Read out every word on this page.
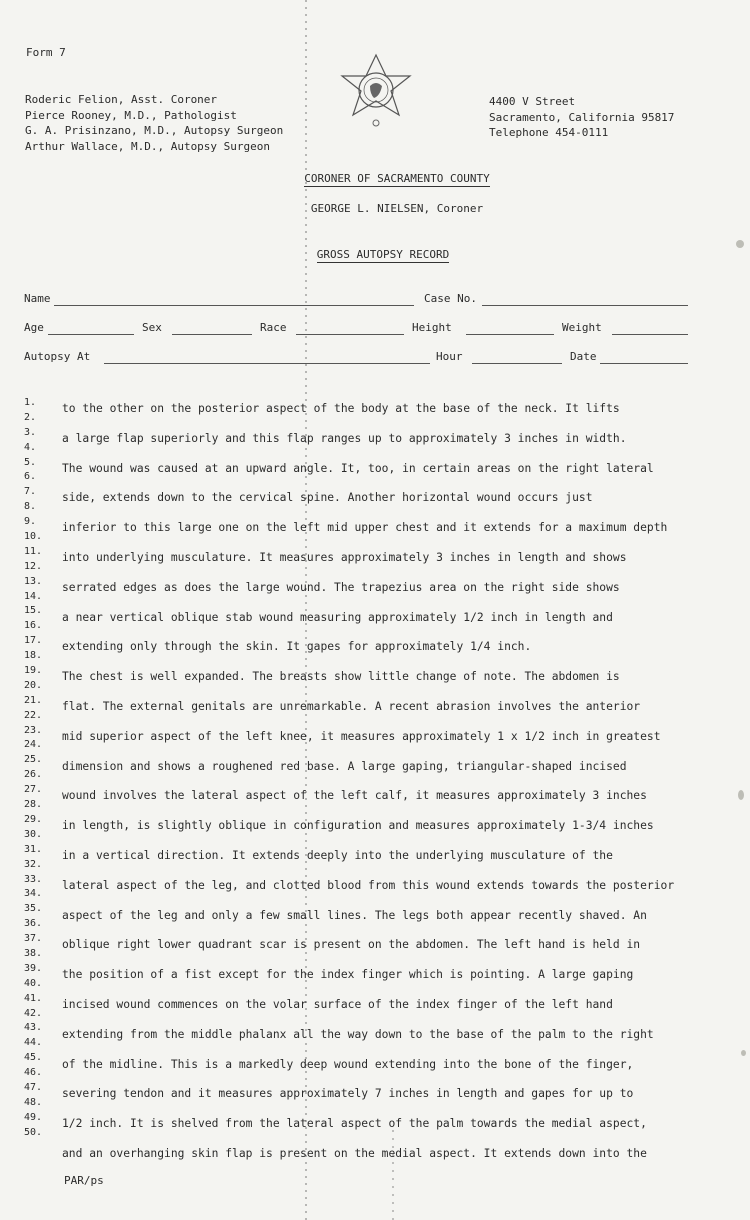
Form 7
Roderic Felion, Asst. Coroner
Pierce Rooney, M.D., Pathologist
G. A. Prisinzano, M.D., Autopsy Surgeon
Arthur Wallace, M.D., Autopsy Surgeon
4400 V Street
Sacramento, California 95817
Telephone 454-0111
CORONER OF SACRAMENTO COUNTY
GEORGE L. NIELSEN, Coroner
GROSS AUTOPSY RECORD
Name	Case No.
Age	Sex	Race	Height	Weight
Autopsy At	Hour	Date
1.
2.
3.
4.
5.
6.
7.
8.
9.
10.
11.
12.
13.
14.
15.
16.
17.
18.
19.
20.
21.
22.
23.
24.
25.
26.
27.
28.
29.
30.
31.
32.
33.
34.
35.
36.
37.
38.
39.
40.
41.
42.
43.
44.
45.
46.
47.
48.
49.
50.
to the other on the posterior aspect of the body at the base of the neck. It lifts
a large flap superiorly and this flap ranges up to approximately 3 inches in width.
The wound was caused at an upward angle. It, too, in certain areas on the right lateral
side, extends down to the cervical spine. Another horizontal wound occurs just
inferior to this large one on the left mid upper chest and it extends for a maximum depth
into underlying musculature. It measures approximately 3 inches in length and shows
serrated edges as does the large wound. The trapezius area on the right side shows
a near vertical oblique stab wound measuring approximately 1/2 inch in length and
extending only through the skin. It gapes for approximately 1/4 inch.
The chest is well expanded. The breasts show little change of note. The abdomen is
flat. The external genitals are unremarkable. A recent abrasion involves the anterior
mid superior aspect of the left knee, it measures approximately 1 x 1/2 inch in greatest
dimension and shows a roughened red base. A large gaping, triangular-shaped incised
wound involves the lateral aspect of the left calf, it measures approximately 3 inches
in length, is slightly oblique in configuration and measures approximately 1-3/4 inches
in a vertical direction. It extends deeply into the underlying musculature of the
lateral aspect of the leg, and clotted blood from this wound extends towards the posterior
aspect of the leg and only a few small lines. The legs both appear recently shaved. An
oblique right lower quadrant scar is present on the abdomen. The left hand is held in
the position of a fist except for the index finger which is pointing. A large gaping
incised wound commences on the volar surface of the index finger of the left hand
extending from the middle phalanx all the way down to the base of the palm to the right
of the midline. This is a markedly deep wound extending into the bone of the finger,
severing tendon and it measures approximately 7 inches in length and gapes for up to
1/2 inch. It is shelved from the lateral aspect of the palm towards the medial aspect,
and an overhanging skin flap is present on the medial aspect. It extends down into the
PAR/ps
